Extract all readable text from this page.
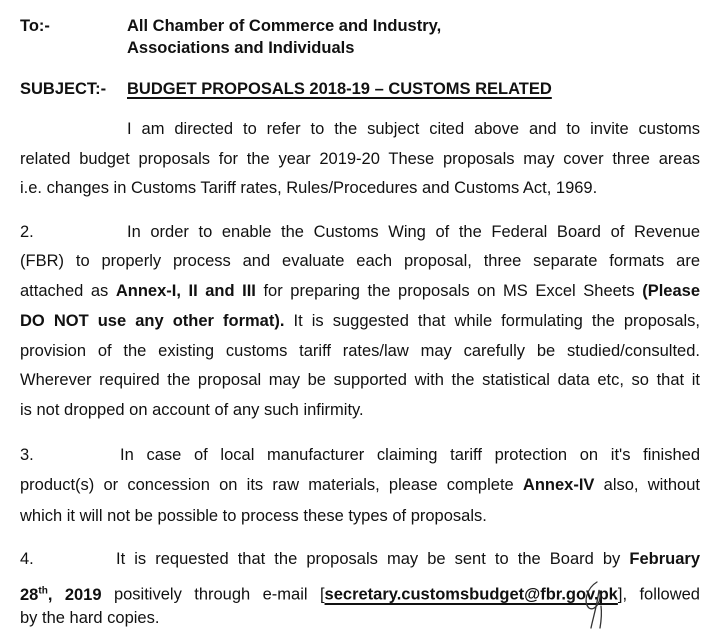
To:-	All Chamber of Commerce and Industry,
Associations and Individuals
SUBJECT:- BUDGET PROPOSALS 2018-19 – CUSTOMS RELATED
I am directed to refer to the subject cited above and to invite customs
related budget proposals for the year 2019-20 These proposals may cover three areas
i.e. changes in Customs Tariff rates, Rules/Procedures and Customs Act, 1969.
2.	In order to enable the Customs Wing of the Federal Board of Revenue
(FBR) to properly process and evaluate each proposal, three separate formats are
attached as Annex-I, II and III for preparing the proposals on MS Excel Sheets (Please
DO NOT use any other format). It is suggested that while formulating the proposals,
provision of the existing customs tariff rates/law may carefully be studied/consulted.
Wherever required the proposal may be supported with the statistical data etc, so that it
is not dropped on account of any such infirmity.
3.	In case of local manufacturer claiming tariff protection on it's finished
product(s) or concession on its raw materials, please complete Annex-IV also, without
which it will not be possible to process these types of proposals.
4.	It is requested that the proposals may be sent to the Board by February
28th, 2019 positively through e-mail [secretary.customsbudget@fbr.gov.pk], followed
by the hard copies.
